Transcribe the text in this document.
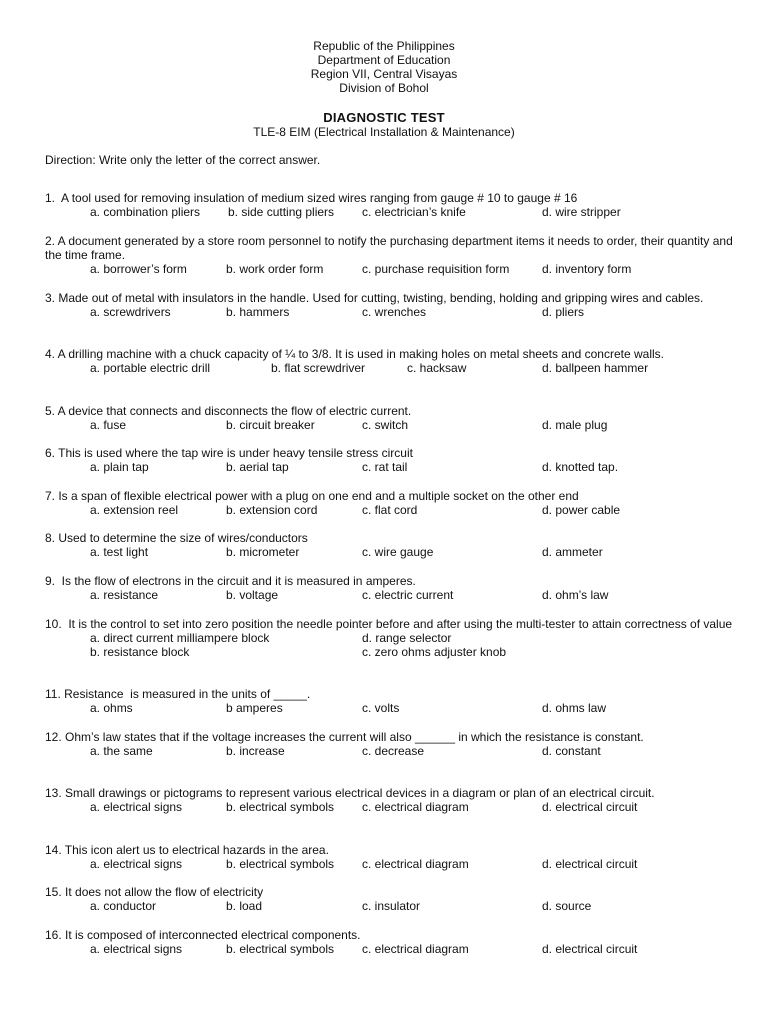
Republic of the Philippines
Department of Education
Region VII, Central Visayas
Division of Bohol
DIAGNOSTIC TEST
TLE-8 EIM (Electrical Installation & Maintenance)
Direction: Write only the letter of the correct answer.
1.  A tool used for removing insulation of medium sized wires ranging from gauge # 10 to gauge # 16
a. combination pliers b. side cutting pliers c. electrician’s knife	d. wire stripper
2. A document generated by a store room personnel to notify the purchasing department items it needs to order, their quantity and the time frame.
a. borrower’s form	b. work order form	c. purchase requisition form	d. inventory form
3. Made out of metal with insulators in the handle. Used for cutting, twisting, bending, holding and gripping wires and cables.
a. screwdrivers	b. hammers	c. wrenches	d. pliers
4. A drilling machine with a chuck capacity of ¼ to 3/8. It is used in making holes on metal sheets and concrete walls.
a. portable electric drill	b. flat screwdriver	c. hacksaw	d. ballpeen hammer
5. A device that connects and disconnects the flow of electric current.
a. fuse	b. circuit breaker	c. switch	d. male plug
6. This is used where the tap wire is under heavy tensile stress circuit
a. plain tap	b. aerial tap	c. rat tail	d. knotted tap.
7. Is a span of flexible electrical power with a plug on one end and a multiple socket on the other end
a. extension reel	b. extension cord	c. flat cord	d. power cable
8. Used to determine the size of wires/conductors
a. test light	b. micrometer	c. wire gauge	d. ammeter
9.  Is the flow of electrons in the circuit and it is measured in amperes.
a. resistance	b. voltage	c. electric current	d. ohm’s law
10.  It is the control to set into zero position the needle pointer before and after using the multi-tester to attain correctness of value
a. direct current milliampere block	d. range selector
b. resistance block	c. zero ohms adjuster knob
11. Resistance  is measured in the units of _____.
a. ohms	b amperes	c. volts	d. ohms law
12. Ohm’s law states that if the voltage increases the current will also ______ in which the resistance is constant.
a. the same	b. increase	c. decrease	d. constant
13. Small drawings or pictograms to represent various electrical devices in a diagram or plan of an electrical circuit.
a. electrical signs	b. electrical symbols c. electrical diagram	d. electrical circuit
14. This icon alert us to electrical hazards in the area.
a. electrical signs	b. electrical symbols c. electrical diagram	d. electrical circuit
15. It does not allow the flow of electricity
a. conductor	b. load	c. insulator	d. source
16. It is composed of interconnected electrical components.
a. electrical signs	b. electrical symbols c. electrical diagram	d. electrical circuit
